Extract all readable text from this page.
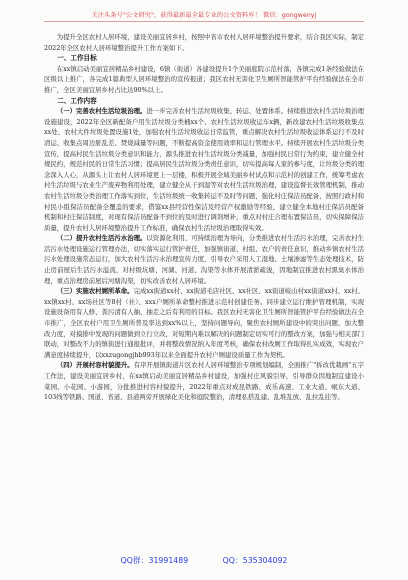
关注头条号"公文研究"，获得最新最全最专业的公文资料库！ 微信：gongwenyj

为提升全区农村人居环境，建设美丽宜居乡村，按照中省市农村人居环境整治提升要求，结合我区实际，制定2022年全区农村人居环境整治提升工作方案如下。

一、工作目标

在xx镇启动美丽宜居精品乡村建设，6镇（街道）各建设提升1个美丽庭院示范村落，各镇完成1条经验做法在区级以上推广，各完成1篇典型人居环境整治的宣传报道；我区农村无害化卫生厕所智能管护平台经验做法在全市推广，全区美丽宜居乡村占比达90%以上。

二、工作内容

（一）完善农村生活垃圾治理。进一步完善农村生活垃圾收集、转运、处置体系。持续推进农村生活垃圾治理设施建设，2022年全区新配备户用生活垃圾分类桶xx个、农村生活垃圾收运车x辆，新改建农村生活垃圾收集点xx处、农村大件垃圾处置设施1处，加强农村生活垃圾收运日常监管，重点解决农村生活垃圾收运体系运行不及时清运、收集点周边脏乱差、焚烧减量等问题，不断提高资金使用效率和运行管理水平。持续开展农村生活垃圾分类宣传，提高村民生活垃圾分类意识和能力，源头推进农村生活垃圾分类减量，加强村民日常行为约束，建立健全村规民约，规范村民的日常生活习惯；提高居民生活垃圾分类责任意识，切实提高每人家的参与度，让垃圾分类的理念深入人心，从源头上让农村人居环境更上一层楼，积极开展全域美丽乡村试点和示范村的创建工作，统筹考虑农村生活垃圾与农业生产废弃物利用处理，建立健全从干到湿等对农村生活垃圾治理，建设监督长效管理机制，推动农村生活垃圾分类治理工作落实到位，生活垃圾统一收集转运不及时等问题，强化村庄保洁员配备，按照行政村和村民小组保洁员配备全覆盖的要求，借鉴xx县经营性保洁及经营产权激励等经验，建立健全本地村庄保洁员配备机制和村庄保洁制度，对现有保洁员配备不到位的及时进行调剂增补，重点对村庄合理布置保洁员，切实保障保洁质量，提升农村人居环境整治提升工作标准，确保农村生活垃圾治理取得实效。

（二）提升农村生活污水治理。以资源化利用、可持续治理为导向，分类推进农村生活污水治理，完善农村生活污水处理设施运行管理办法，切实落实运行管护责任，加强镇街道、村组、农户的责任意识，推动乡镇农村生活污水处理设施常态运行，加大农村生活污水治理宣传力度，引导农户采用人工湿地、土壤渗滤等生态处理技术，防止房前屋后生活污水溢流，对村级坑塘、河湖、河道、沟渠等水体开展清淤疏浚，因地制宜推进农村黑臭水体治理，重点治理房前屋后河塘沟渠，切实改善农村人居环境。

（三）实施农村厕所革命。完成xx街道xx村、xx街道毛店社区、xx社区、xx街道岐山村xx街道xx村、xx村、xx镇xx村、xx场社区等8村（社）、xxx户厕所革命整村推进示范村创建任务。同步建立运行维护管理机制，实现设施设备用有人修、粪污清有人抽、抽走之后有利用的目标。我区农村无害化卫生厕所智能管护平台经验做法在全市推广，全区农村户用卫生厕所普及率达到xx%以上，坚持问题导向，聚焦农村厕所建设中的突出问题，加大整改力度，对摸排中发现的问题做到立行立改，对短期内难以解决的问题制定切实可行的整改方案，加强与相关部门联动，对整改不力的镇街进行通报批评，并将整改情况纳入年度考核，确保农村改厕工作取得扎实成效，实现农户满意度持续提升，以xxzugongjhb993年以来全面提升农村户厕建设质量工作为契机。

（四）开展村容村貌提升。有序开展镇街道片区农村人居环境整治专项规划编制，全面推广"拆改优栽画"五字工作法，建设美丽宜居乡村，在xx镇启动美丽宜居精品乡村建设，加强村庄风貌引导，引导群众因地制宜建设小菜园、小花园、小游园，分批推进村容村貌提升，2022年重点对成昆铁路、成乐高速、工业大道、岷东大道、103线等铁路、国道、省道、县道两旁开展绿化美化和庭院整治，清理私搭乱建、乱堆乱放、乱拉乱挂等。

QQ群：31991489	QQ：535304092
